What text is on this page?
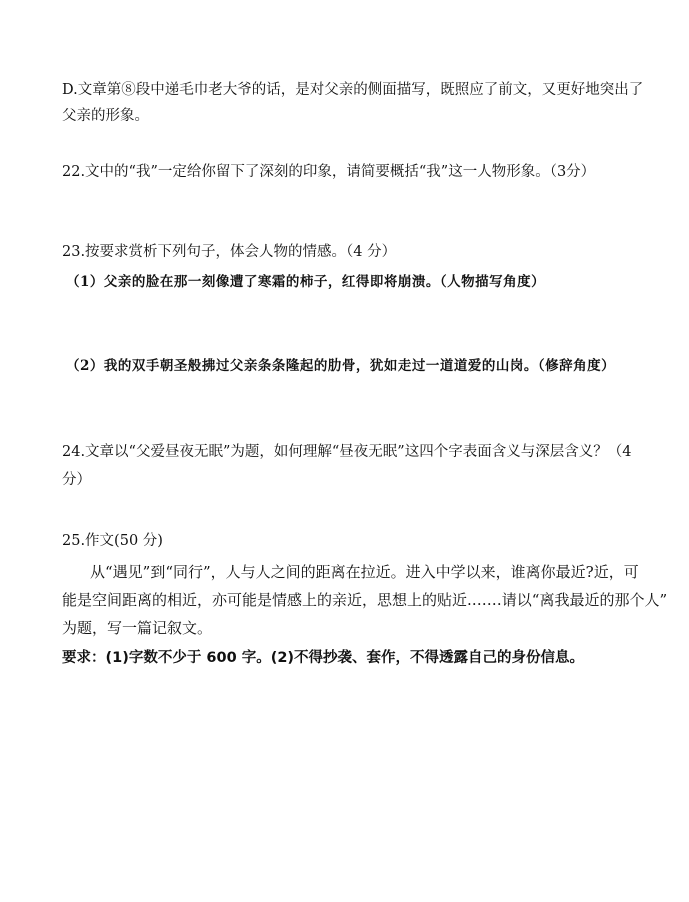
D.文章第⑧段中递毛巾老大爷的话，是对父亲的侧面描写，既照应了前文，又更好地突出了
父亲的形象。
22.文中的“我”一定给你留下了深刻的印象，请简要概括“我”这一人物形象。（3分）
23.按要求赏析下列句子，体会人物的情感。（4 分）
（1）父亲的脸在那一刻像遭了寒霜的柿子，红得即将崩溃。（人物描写角度）
（2）我的双手朝圣般拂过父亲条条隆起的肋骨，犹如走过一道道爱的山岗。（修辞角度）
24.文章以“父爱昼夜无眠”为题，如何理解“昼夜无眠”这四个字表面含义与深层含义？（4
分）
25.作文(50 分)
从“遇见”到“同行”，人与人之间的距离在拉近。进入中学以来，谁离你最近?近，可
能是空间距离的相近，亦可能是情感上的亲近，思想上的贴近.……请以“离我最近的那个人”
为题，写一篇记叙文。
要求：(1)字数不少于 600 字。(2)不得抄袭、套作，不得透露自己的身份信息。
